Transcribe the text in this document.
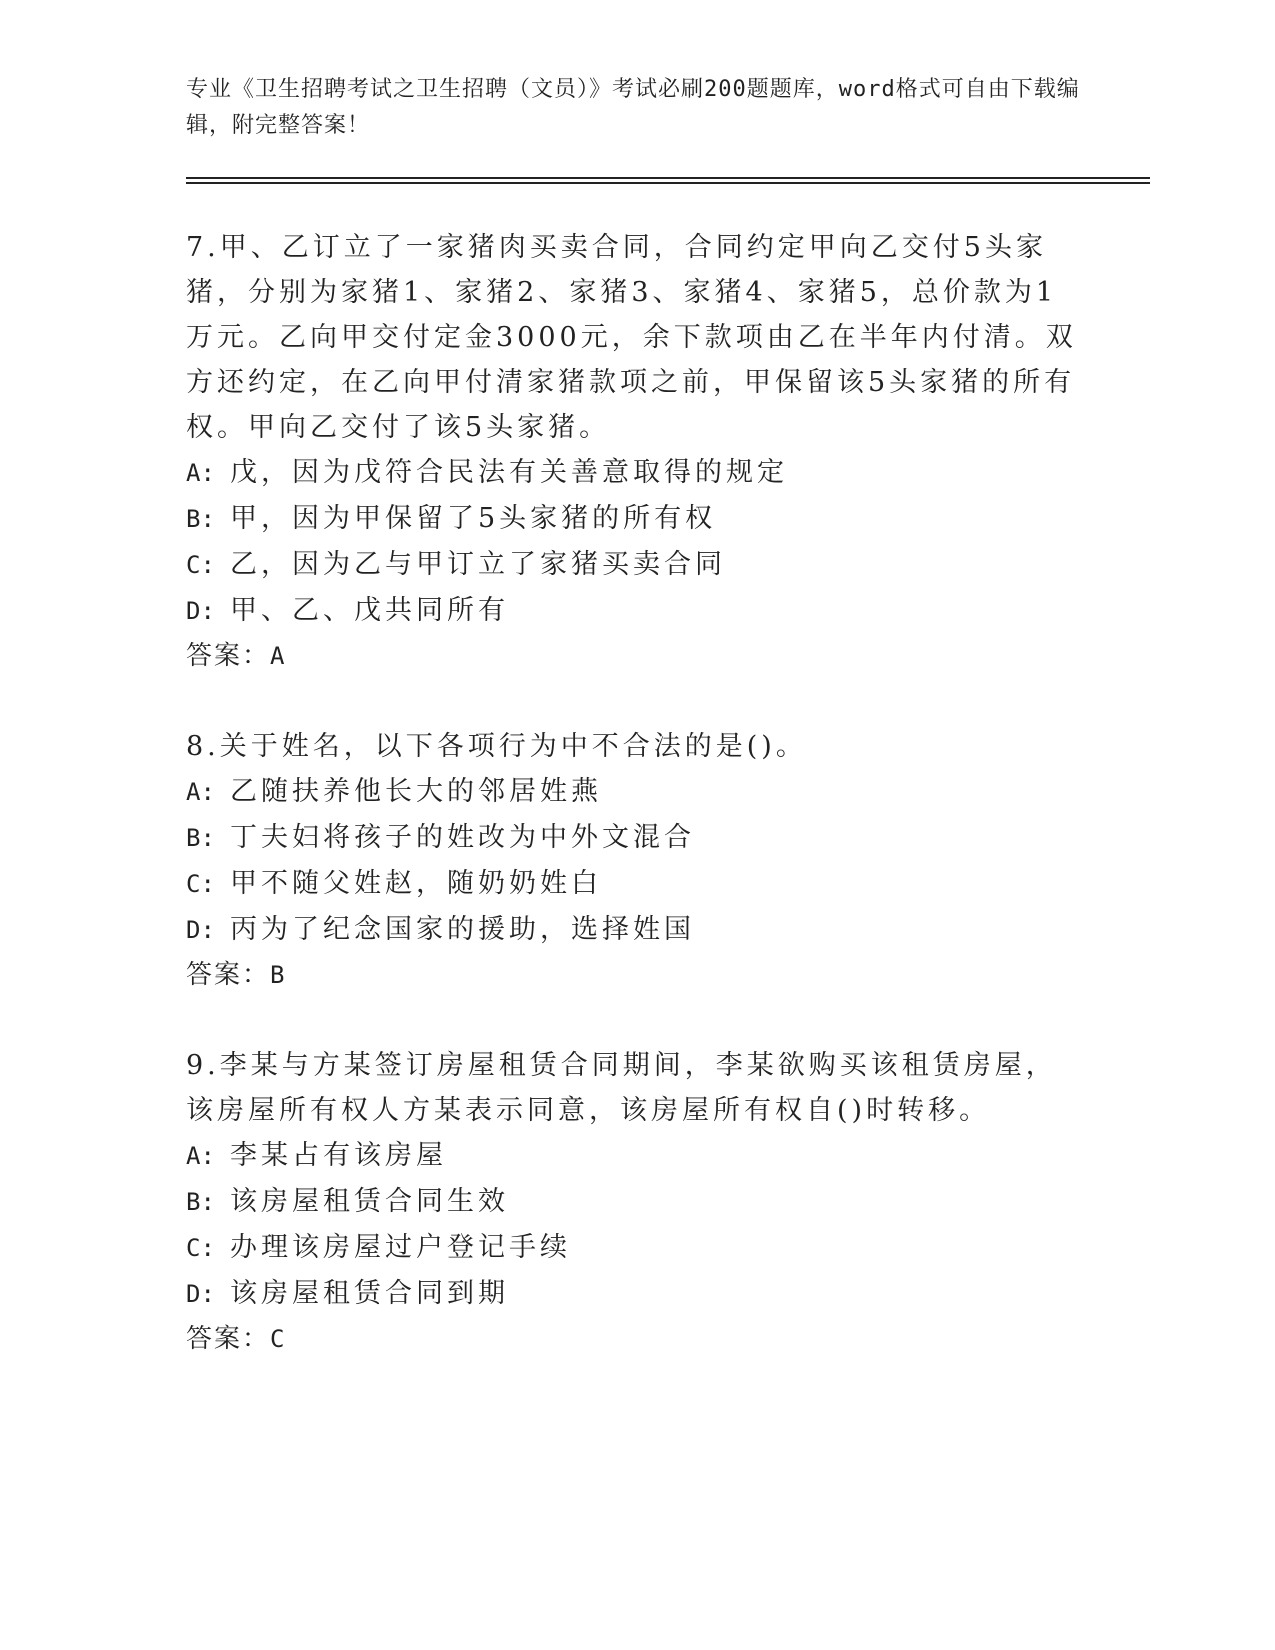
专业《卫生招聘考试之卫生招聘（文员）》考试必刷200题题库，word格式可自由下载编辑，附完整答案！
7.甲、乙订立了一家猪肉买卖合同，合同约定甲向乙交付5头家猪，分别为家猪1、家猪2、家猪3、家猪4、家猪5，总价款为1万元。乙向甲交付定金3000元，余下款项由乙在半年内付清。双方还约定，在乙向甲付清家猪款项之前，甲保留该5头家猪的所有权。甲向乙交付了该5头家猪。
A: 戊，因为戊符合民法有关善意取得的规定
B: 甲，因为甲保留了5头家猪的所有权
C: 乙，因为乙与甲订立了家猪买卖合同
D: 甲、乙、戊共同所有
答案：A
8.关于姓名，以下各项行为中不合法的是()。
A: 乙随扶养他长大的邻居姓燕
B: 丁夫妇将孩子的姓改为中外文混合
C: 甲不随父姓赵，随奶奶姓白
D: 丙为了纪念国家的援助，选择姓国
答案：B
9.李某与方某签订房屋租赁合同期间，李某欲购买该租赁房屋，该房屋所有权人方某表示同意，该房屋所有权自()时转移。
A: 李某占有该房屋
B: 该房屋租赁合同生效
C: 办理该房屋过户登记手续
D: 该房屋租赁合同到期
答案：C
